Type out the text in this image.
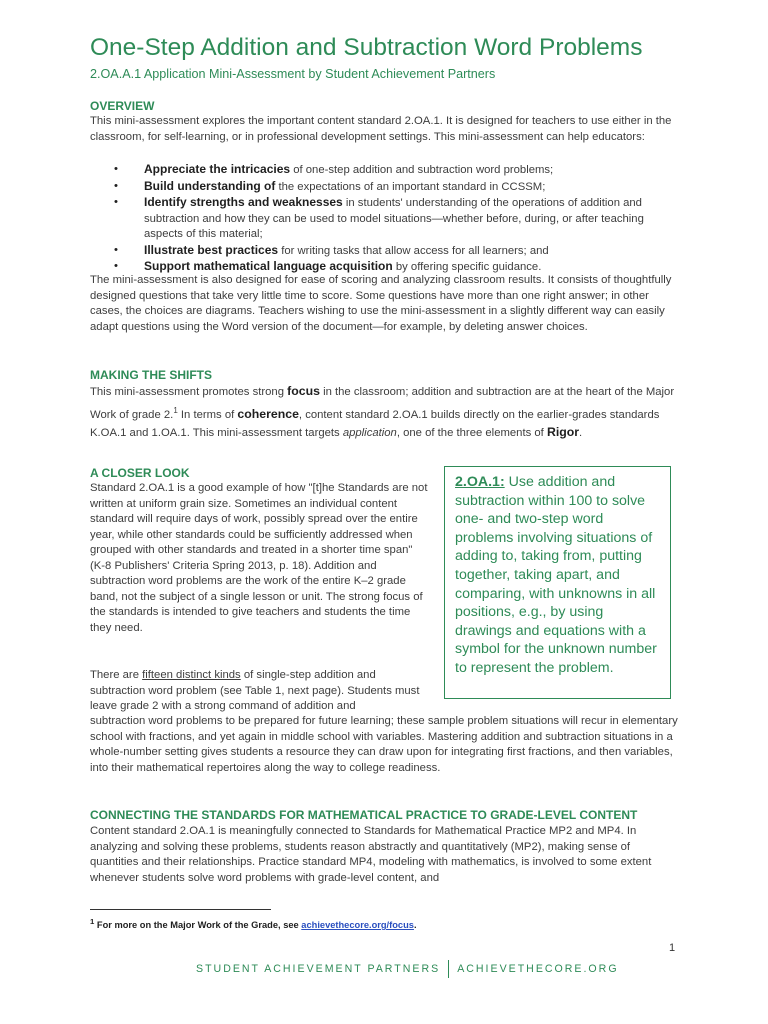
One-Step Addition and Subtraction Word Problems
2.OA.A.1 Application Mini-Assessment by Student Achievement Partners
OVERVIEW

This mini-assessment explores the important content standard 2.OA.1. It is designed for teachers to use either in the classroom, for self-learning, or in professional development settings. This mini-assessment can help educators:

• Appreciate the intricacies of one-step addition and subtraction word problems;
• Build understanding of the expectations of an important standard in CCSSM;
• Identify strengths and weaknesses in students' understanding of the operations of addition and subtraction and how they can be used to model situations—whether before, during, or after teaching aspects of this material;
• Illustrate best practices for writing tasks that allow access for all learners; and
• Support mathematical language acquisition by offering specific guidance.

The mini-assessment is also designed for ease of scoring and analyzing classroom results. It consists of thoughtfully designed questions that take very little time to score. Some questions have more than one right answer; in other cases, the choices are diagrams. Teachers wishing to use the mini-assessment in a slightly different way can easily adapt questions using the Word version of the document—for example, by deleting answer choices.

MAKING THE SHIFTS

This mini-assessment promotes strong focus in the classroom; addition and subtraction are at the heart of the Major Work of grade 2.$^1$ In terms of coherence, content standard 2.OA.1 builds directly on the earlier-grades standards K.OA.1 and 1.OA.1. This mini-assessment targets application, one of the three elements of Rigor.

A CLOSER LOOK

Standard 2.OA.1 is a good example of how "[t]he Standards are not written at uniform grain size. Sometimes an individual content standard will require days of work, possibly spread over the entire year, while other standards could be sufficiently addressed when grouped with other standards and treated in a shorter time span" (K-8 Publishers' Criteria Spring 2013, p. 18). Addition and subtraction word problems are the work of the entire K–2 grade band, not the subject of a single lesson or unit. The strong focus of the standards is intended to give teachers and students the time they need.

There are fifteen distinct kinds of single-step addition and subtraction word problem (see Table 1, next page). Students must leave grade 2 with a strong command of addition and

subtraction word problems to be prepared for future learning; these sample problem situations will recur in elementary school with fractions, and yet again in middle school with variables. Mastering addition and subtraction situations in a whole-number setting gives students a resource they can draw upon for integrating first fractions, and then variables, into their mathematical repertoires along the way to college readiness.

CONNECTING THE STANDARDS FOR MATHEMATICAL PRACTICE TO GRADE-LEVEL CONTENT

Content standard 2.OA.1 is meaningfully connected to Standards for Mathematical Practice MP2 and MP4. In analyzing and solving these problems, students reason abstractly and quantitatively (MP2), making sense of quantities and their relationships. Practice standard MP4, modeling with mathematics, is involved to some extent whenever students solve word problems with grade-level content, and

2.OA.1: Use addition and subtraction within 100 to solve one- and two-step word problems involving situations of adding to, taking from, putting together, taking apart, and comparing, with unknowns in all positions, e.g., by using drawings and equations with a symbol for the unknown number to represent the problem.
$^1$ For more on the Major Work of the Grade, see achievethecore.org/focus.
1
STUDENT ACHIEVEMENT PARTNERS ACHIEVETHECORE.ORG
